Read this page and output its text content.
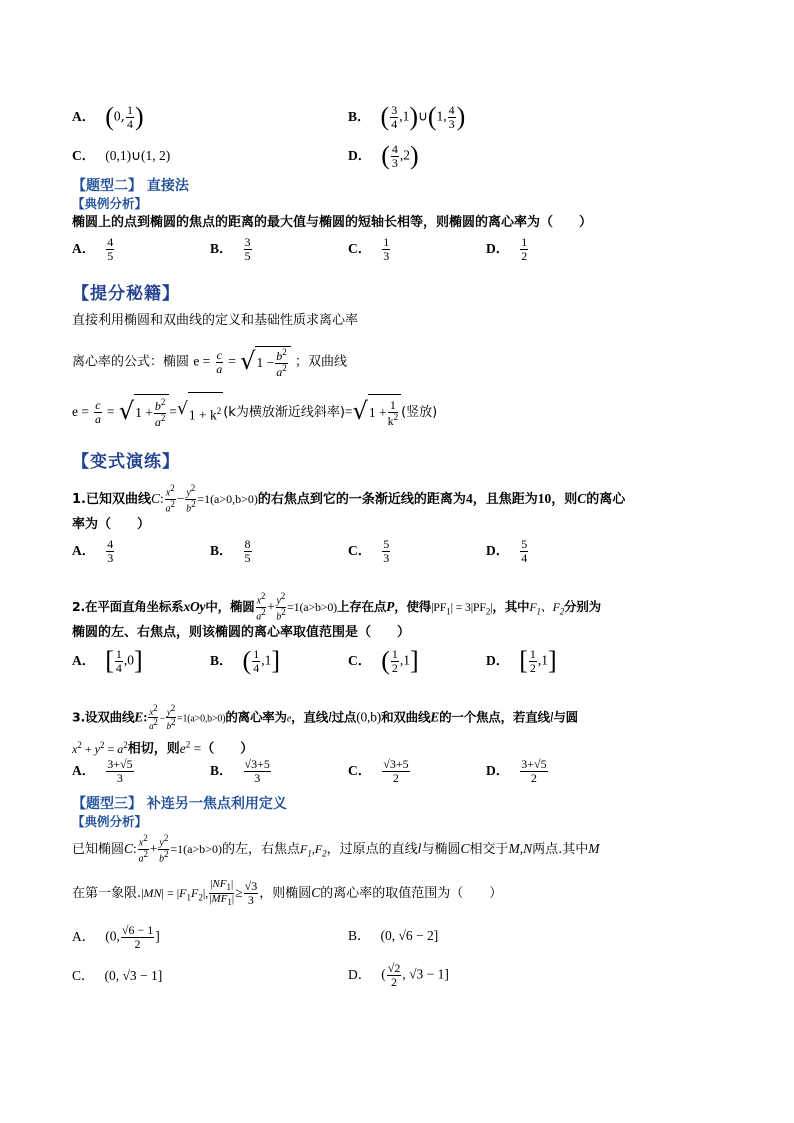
A． (0, $\frac{1}{4}$ )	B． ( $\frac{3}{4}$ ,1)∪(1, $\frac{4}{3}$ )
C． (0,1)∪(1, 2)	D． ( $\frac{4}{3} ,2$)
【题型二】 直接法
【典例分析】
椭圆上的点到椭圆的焦点的距离的最大值与椭圆的短轴长相等，则椭圆的离心率为（　　）
A． $\frac{4}{5}$	B． $\frac{3}{5}$	C． $\frac{1}{3}$	D． $\frac{1}{2}$
【提分秘籍】
直接利用椭圆和双曲线的定义和基础性质求离心率
离心率的公式：椭圆 $e = \frac{c}{a}$ = √ $1 - \frac{b^2}{a^2}$ ；双曲线
$e = \frac{c}{a}$ = √ $1 + \frac{b^2}{a^2}$ = √ $1 + k^2$ (k为横放渐近线斜率)= √ $1 + \frac{1}{k^2}$ (竖放)
【变式演练】
1.已知双曲线C: $\frac{x^2}{a^2} - \frac{y^2}{b^2} =1(a>0,b>0)$的右焦点到它的一条渐近线的距离为4，且焦距为10，则C的离心
率为（　　）
A． $\frac{4}{3}$	B． $\frac{8}{5}$	C． $\frac{5}{3}$	D． $\frac{5}{4}$
2.在平面直角坐标系xOy中，椭圆 $\frac{x^2}{a^2} + \frac{y^2}{b^2} =1(a>b>0)$上存在点P，使得$|PF_1| = 3|PF_2|$，其中$F_1$、$F_2$分别为
椭圆的左、右焦点，则该椭圆的离心率取值范围是（　　）
A． [ $\frac{1}{4} ,0$]	B． ( $\frac{1}{4} ,1$]	C． ( $\frac{1}{2} ,1$]	D． [ $\frac{1}{2} ,1$]
3.设双曲线E: $\frac{x^2}{a^2} - \frac{y^2}{b^2} =1(a>0,b>0)$的离心率为e，直线l过点(0,b)和双曲线E的一个焦点，若直线l与圆
$x^2 + y^2 = a^2$相切，则$e^2$ =（　　）
A． $\frac{3+√5}{3}$	B． $\frac{√3+5}{3}$	C． $\frac{√3+5}{2}$	D． $\frac{3+√5}{2}$
【题型三】 补连另一焦点利用定义
【典例分析】
已知椭圆C: $\frac{x^2}{a^2} + \frac{y^2}{b^2} =1(a>b>0)$的左，右焦点$F_1,F_2$，过原点的直线l与椭圆C相交于M,N两点.其中M
在第一象限$.|MN| = |F_1F_2|$, $\frac{|NF_1|}{|MF_1|} \ge \frac{√3}{3}$ ，则椭圆C的离心率的取值范围为（　　）
A． (0, $\frac{√6 - 1}{2}$ ]	B． (0, √6 − 2]
C． (0, √3 − 1]	D． ( $\frac{√2}{2}$ , √3 − 1]
